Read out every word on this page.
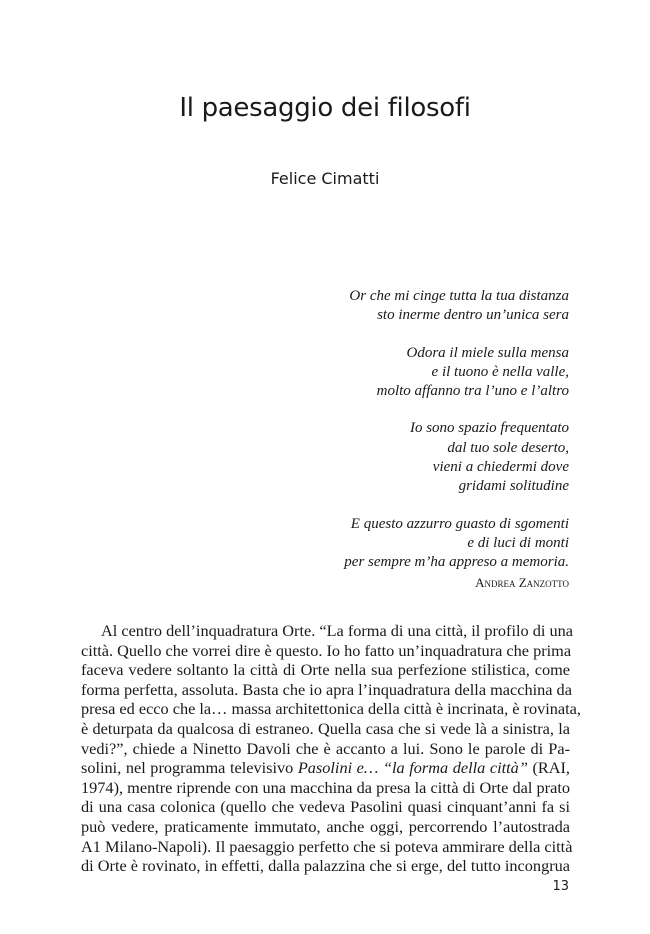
Il paesaggio dei filosofi
Felice Cimatti
Or che mi cinge tutta la tua distanza
sto inerme dentro un’unica sera
Odora il miele sulla mensa
e il tuono è nella valle,
molto affanno tra l’uno e l’altro
Io sono spazio frequentato
dal tuo sole deserto,
vieni a chiedermi dove
gridami solitudine
E questo azzurro guasto di sgomenti
e di luci di monti
per sempre m’ha appreso a memoria.
Andrea Zanzotto
Al centro dell’inquadratura Orte. “La forma di una città, il profilo di una
città. Quello che vorrei dire è questo. Io ho fatto un’inquadratura che prima
faceva vedere soltanto la città di Orte nella sua perfezione stilistica, come
forma perfetta, assoluta. Basta che io apra l’inquadratura della macchina da
presa ed ecco che la… massa architettonica della città è incrinata, è rovinata,
è deturpata da qualcosa di estraneo. Quella casa che si vede là a sinistra, la
vedi?”, chiede a Ninetto Davoli che è accanto a lui. Sono le parole di Pa-
solini, nel programma televisivo Pasolini e… “la forma della città” (RAI,
1974), mentre riprende con una macchina da presa la città di Orte dal prato
di una casa colonica (quello che vedeva Pasolini quasi cinquant’anni fa si
può vedere, praticamente immutato, anche oggi, percorrendo l’autostrada
A1 Milano-Napoli). Il paesaggio perfetto che si poteva ammirare della città
di Orte è rovinato, in effetti, dalla palazzina che si erge, del tutto incongrua
13
